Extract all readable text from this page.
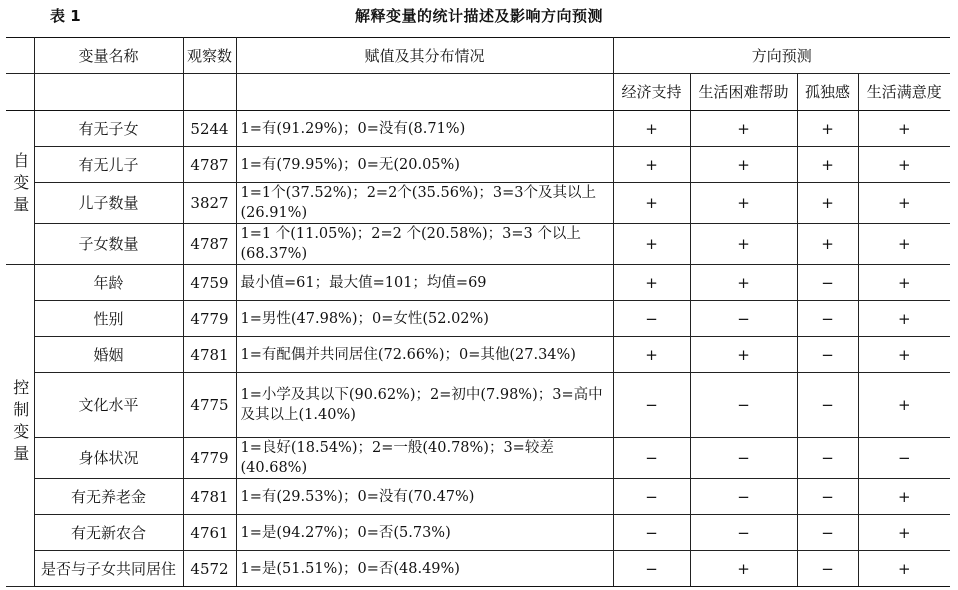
表 1	解释变量的统计描述及影响方向预测
	变量名称	观察数	赋值及其分布情况	方向预测			
				经济支持	生活困难帮助	孤独感	生活满意度
自变量	有无子女	5244	1=有(91.29%)；0=没有(8.71%)	+	+	+	+
	有无儿子	4787	1=有(79.95%)；0=无(20.05%)	+	+	+	+
	儿子数量	3827	1=1个(37.52%)；2=2个(35.56%)；3=3个及其以上(26.91%)	+	+	+	+
	子女数量	4787	1=1 个(11.05%)；2=2 个(20.58%)；3=3 个以上(68.37%)	+	+	+	+
控制变量	年龄	4759	最小值=61；最大值=101；均值=69	+	+	−	+
	性别	4779	1=男性(47.98%)；0=女性(52.02%)	−	−	−	+
	婚姻	4781	1=有配偶并共同居住(72.66%)；0=其他(27.34%)	+	+	−	+
	文化水平	4775	1=小学及其以下(90.62%)；2=初中(7.98%)；3=高中及其以上(1.40%)	−	−	−	+
	身体状况	4779	1=良好(18.54%)；2=一般(40.78%)；3=较差(40.68%)	−	−	−	−
	有无养老金	4781	1=有(29.53%)；0=没有(70.47%)	−	−	−	+
	有无新农合	4761	1=是(94.27%)；0=否(5.73%)	−	−	−	+
	是否与子女共同居住	4572	1=是(51.51%)；0=否(48.49%)	−	+	−	+
